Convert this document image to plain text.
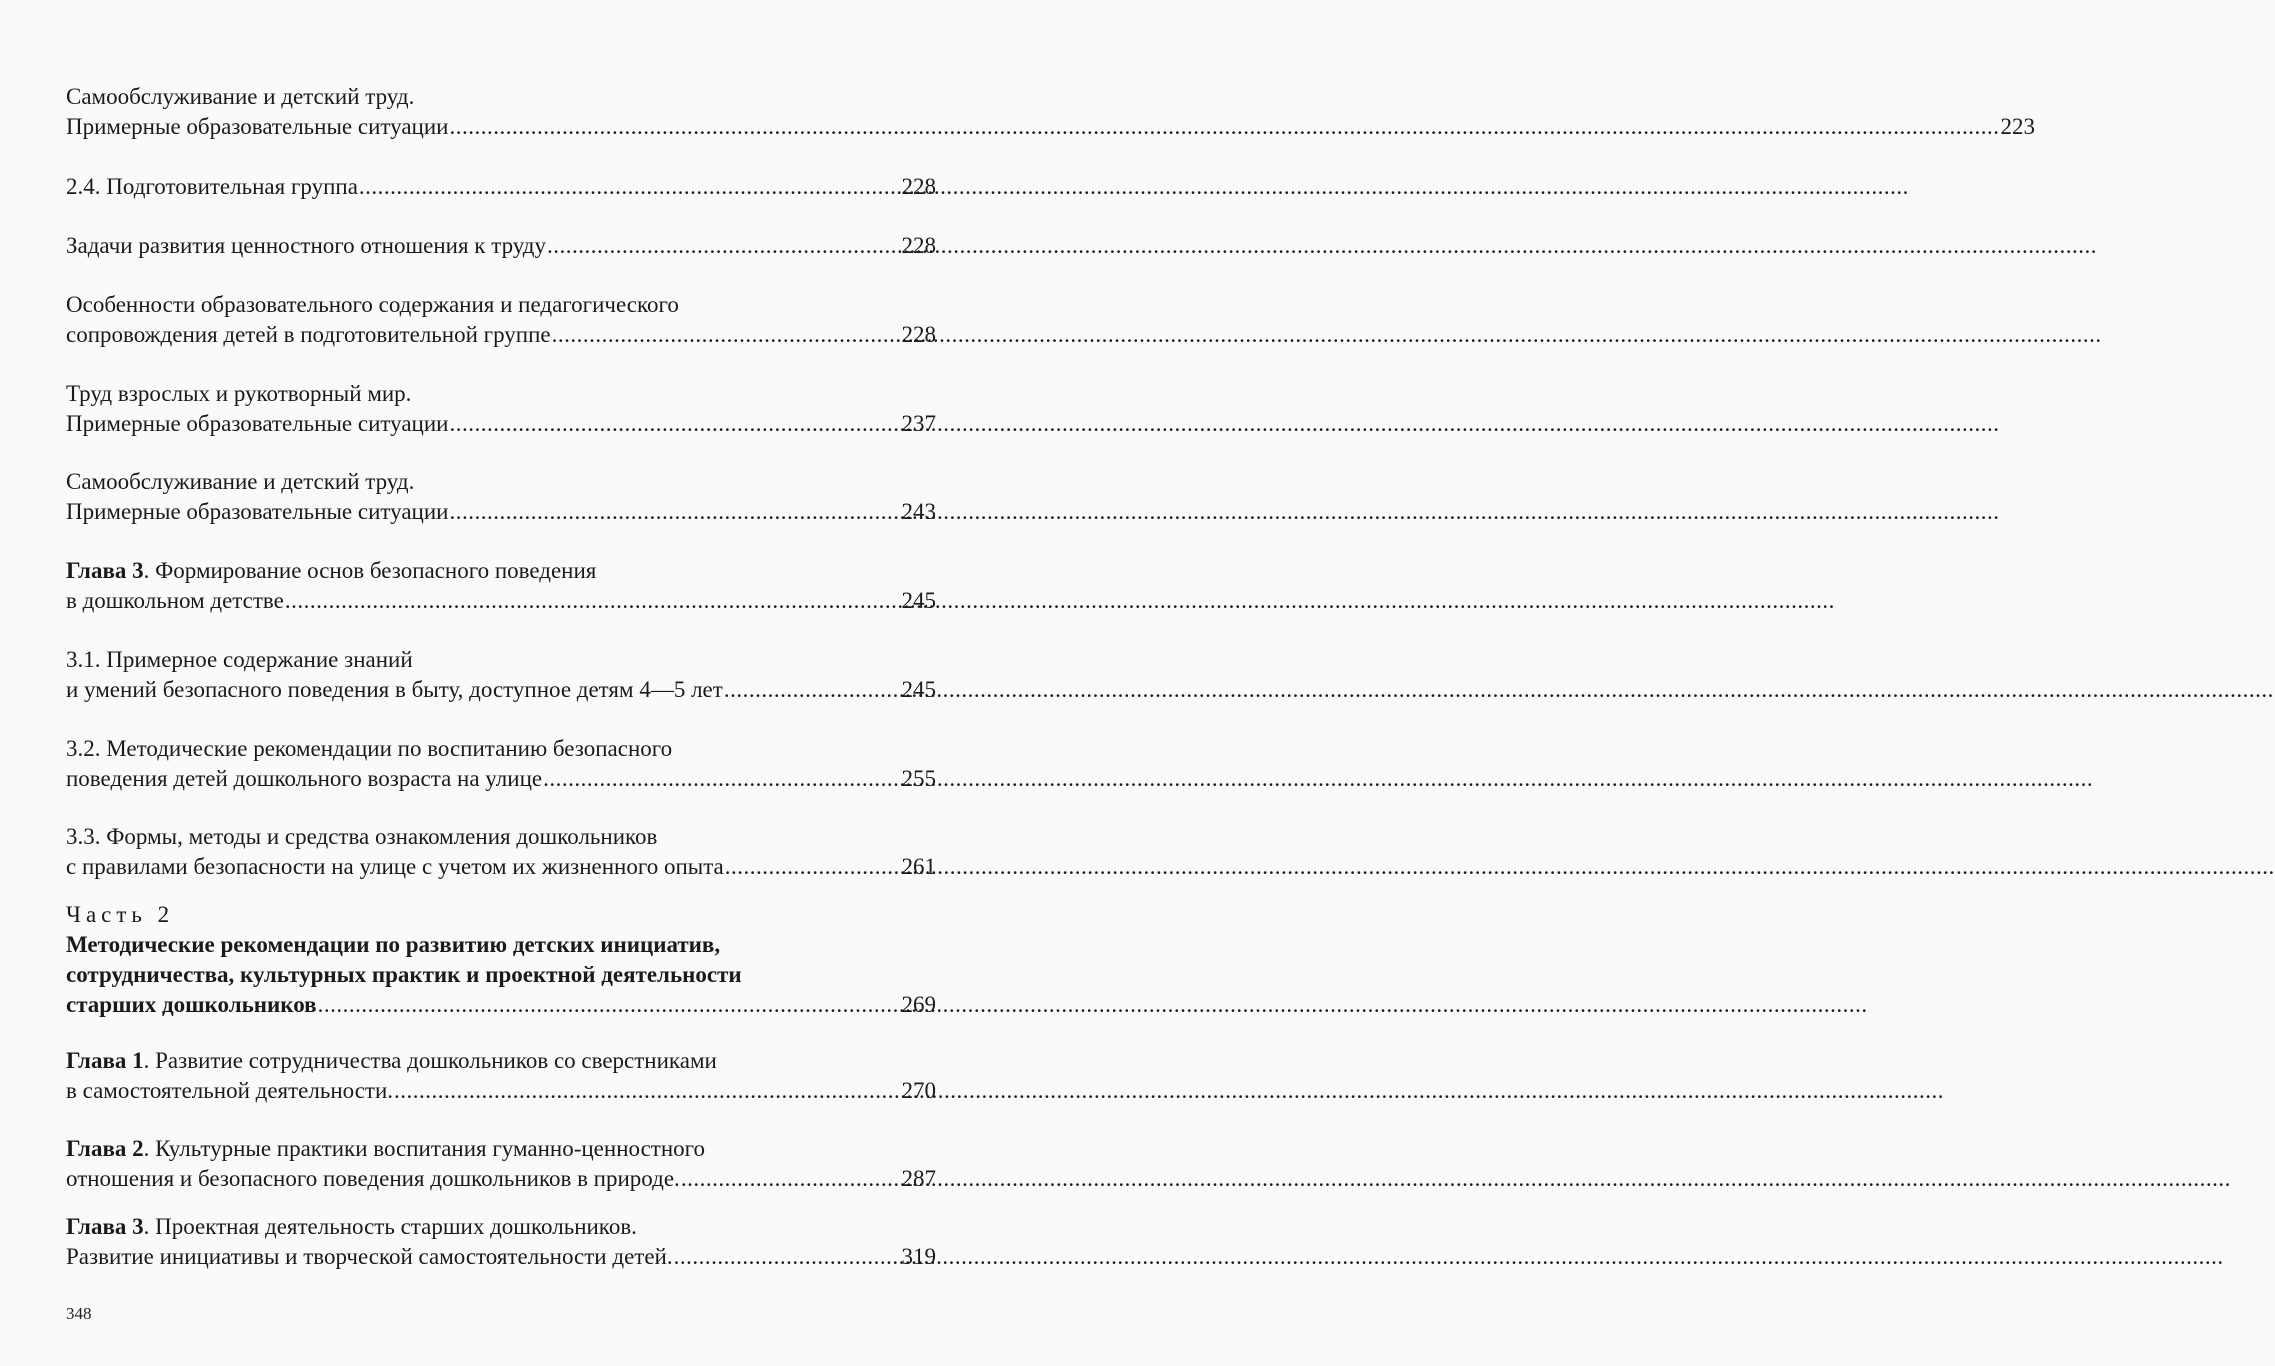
Самообслуживание и детский труд.
Примерные образовательные ситуации .....	223
2.4. Подготовительная группа .....	228
Задачи развития ценностного отношения к труду .....	228
Особенности образовательного содержания и педагогического
сопровождения детей в подготовительной группе .....	228
Труд взрослых и рукотворный мир.
Примерные образовательные ситуации .....	237
Самообслуживание и детский труд.
Примерные образовательные ситуации .....	243
Глава 3. Формирование основ безопасного поведения
в дошкольном детстве .....	245
3.1. Примерное содержание знаний
и умений безопасного поведения в быту, доступное детям 4—5 лет .....	245
3.2. Методические рекомендации по воспитанию безопасного
поведения детей дошкольного возраста на улице .....	255
3.3. Формы, методы и средства ознакомления дошкольников
с правилами безопасности на улице с учетом их жизненного опыта .....	261
Часть 2
Методические рекомендации по развитию детских инициатив,
сотрудничества, культурных практик и проектной деятельности
старших дошкольников .....	269
Глава 1. Развитие сотрудничества дошкольников со сверстниками
в самостоятельной деятельности. .....	270
Глава 2. Культурные практики воспитания гуманно-ценностного
отношения и безопасного поведения дошкольников в природе. .....	287
Глава 3. Проектная деятельность старших дошкольников.
Развитие инициативы и творческой самостоятельности детей. .....	319
348
